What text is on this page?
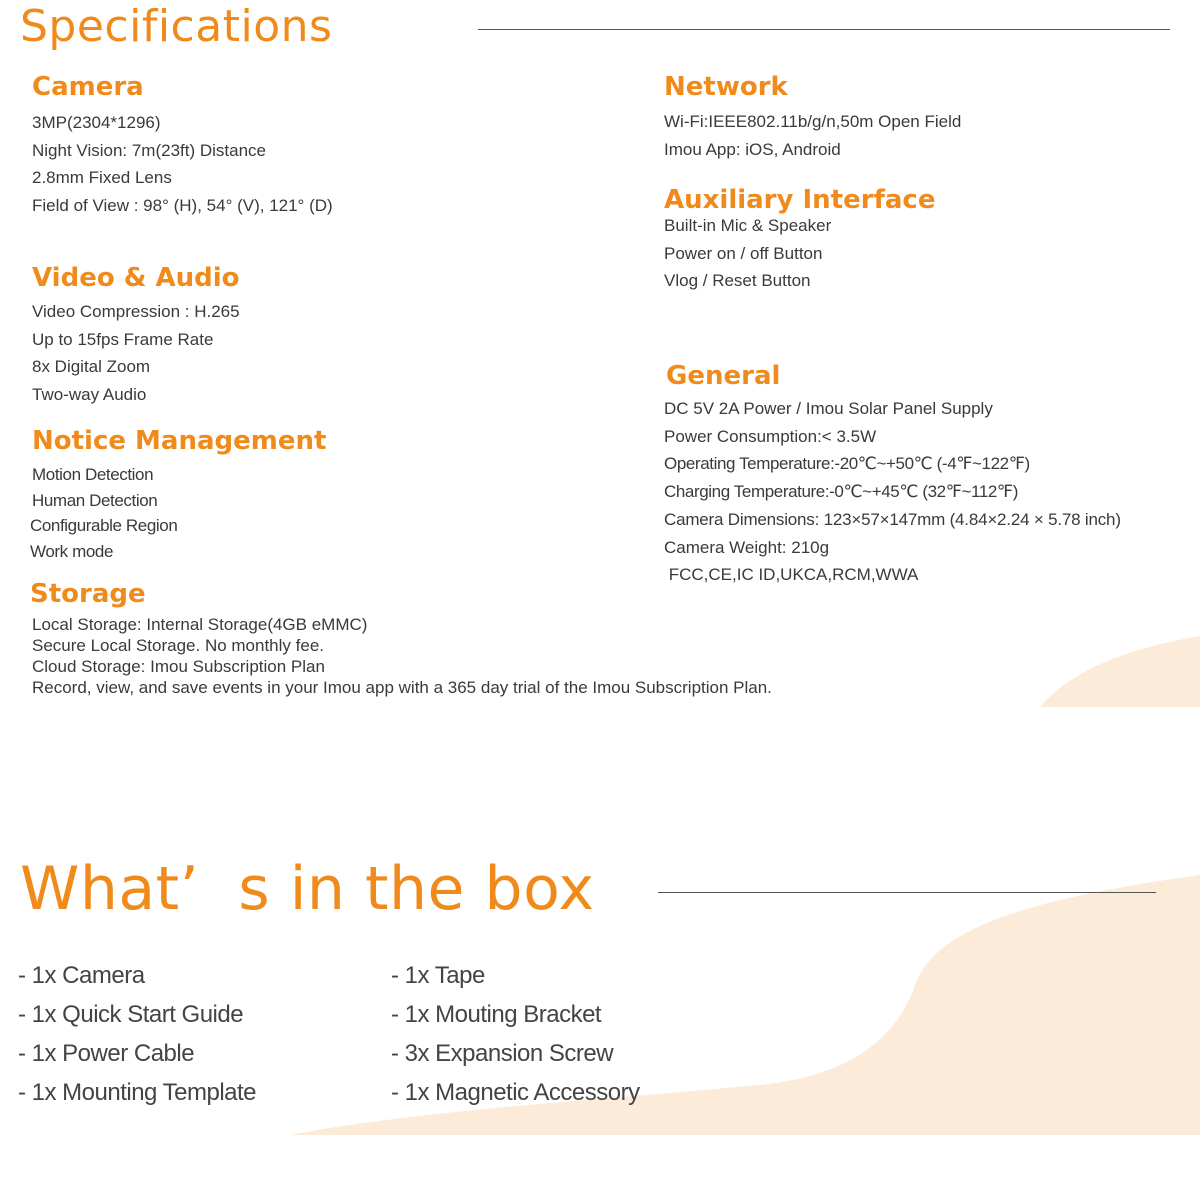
Specifications
Camera
3MP(2304*1296)
Night Vision: 7m(23ft) Distance
2.8mm Fixed Lens
Field of View : 98° (H), 54° (V), 121° (D)
Video & Audio
Video Compression : H.265
Up to 15fps Frame Rate
8x Digital Zoom
Two-way Audio
Notice Management
Motion Detection
Human Detection
Configurable Region
Work mode
Storage
Local Storage: Internal Storage(4GB eMMC)
Secure Local Storage. No monthly fee.
Cloud Storage: Imou Subscription Plan
Record, view, and save events in your Imou app with a 365 day trial of the Imou Subscription Plan.
Network
Wi-Fi:IEEE802.11b/g/n,50m Open Field
Imou App: iOS, Android
Auxiliary Interface
Built-in Mic & Speaker
Power on / off Button
Vlog / Reset Button
General
DC 5V 2A Power / Imou Solar Panel Supply
Power Consumption:< 3.5W
Operating Temperature:-20℃~+50℃ (-4℉~122℉)
Charging Temperature:-0℃~+45℃ (32℉~112℉)
Camera Dimensions: 123×57×147mm (4.84×2.24 × 5.78 inch)
Camera Weight: 210g
FCC,CE,IC ID,UKCA,RCM,WWA
What’  s in the box
- 1x Camera
- 1x Quick Start Guide
- 1x Power Cable
- 1x Mounting Template
- 1x Tape
- 1x Mouting Bracket
- 3x Expansion Screw
- 1x Magnetic Accessory
